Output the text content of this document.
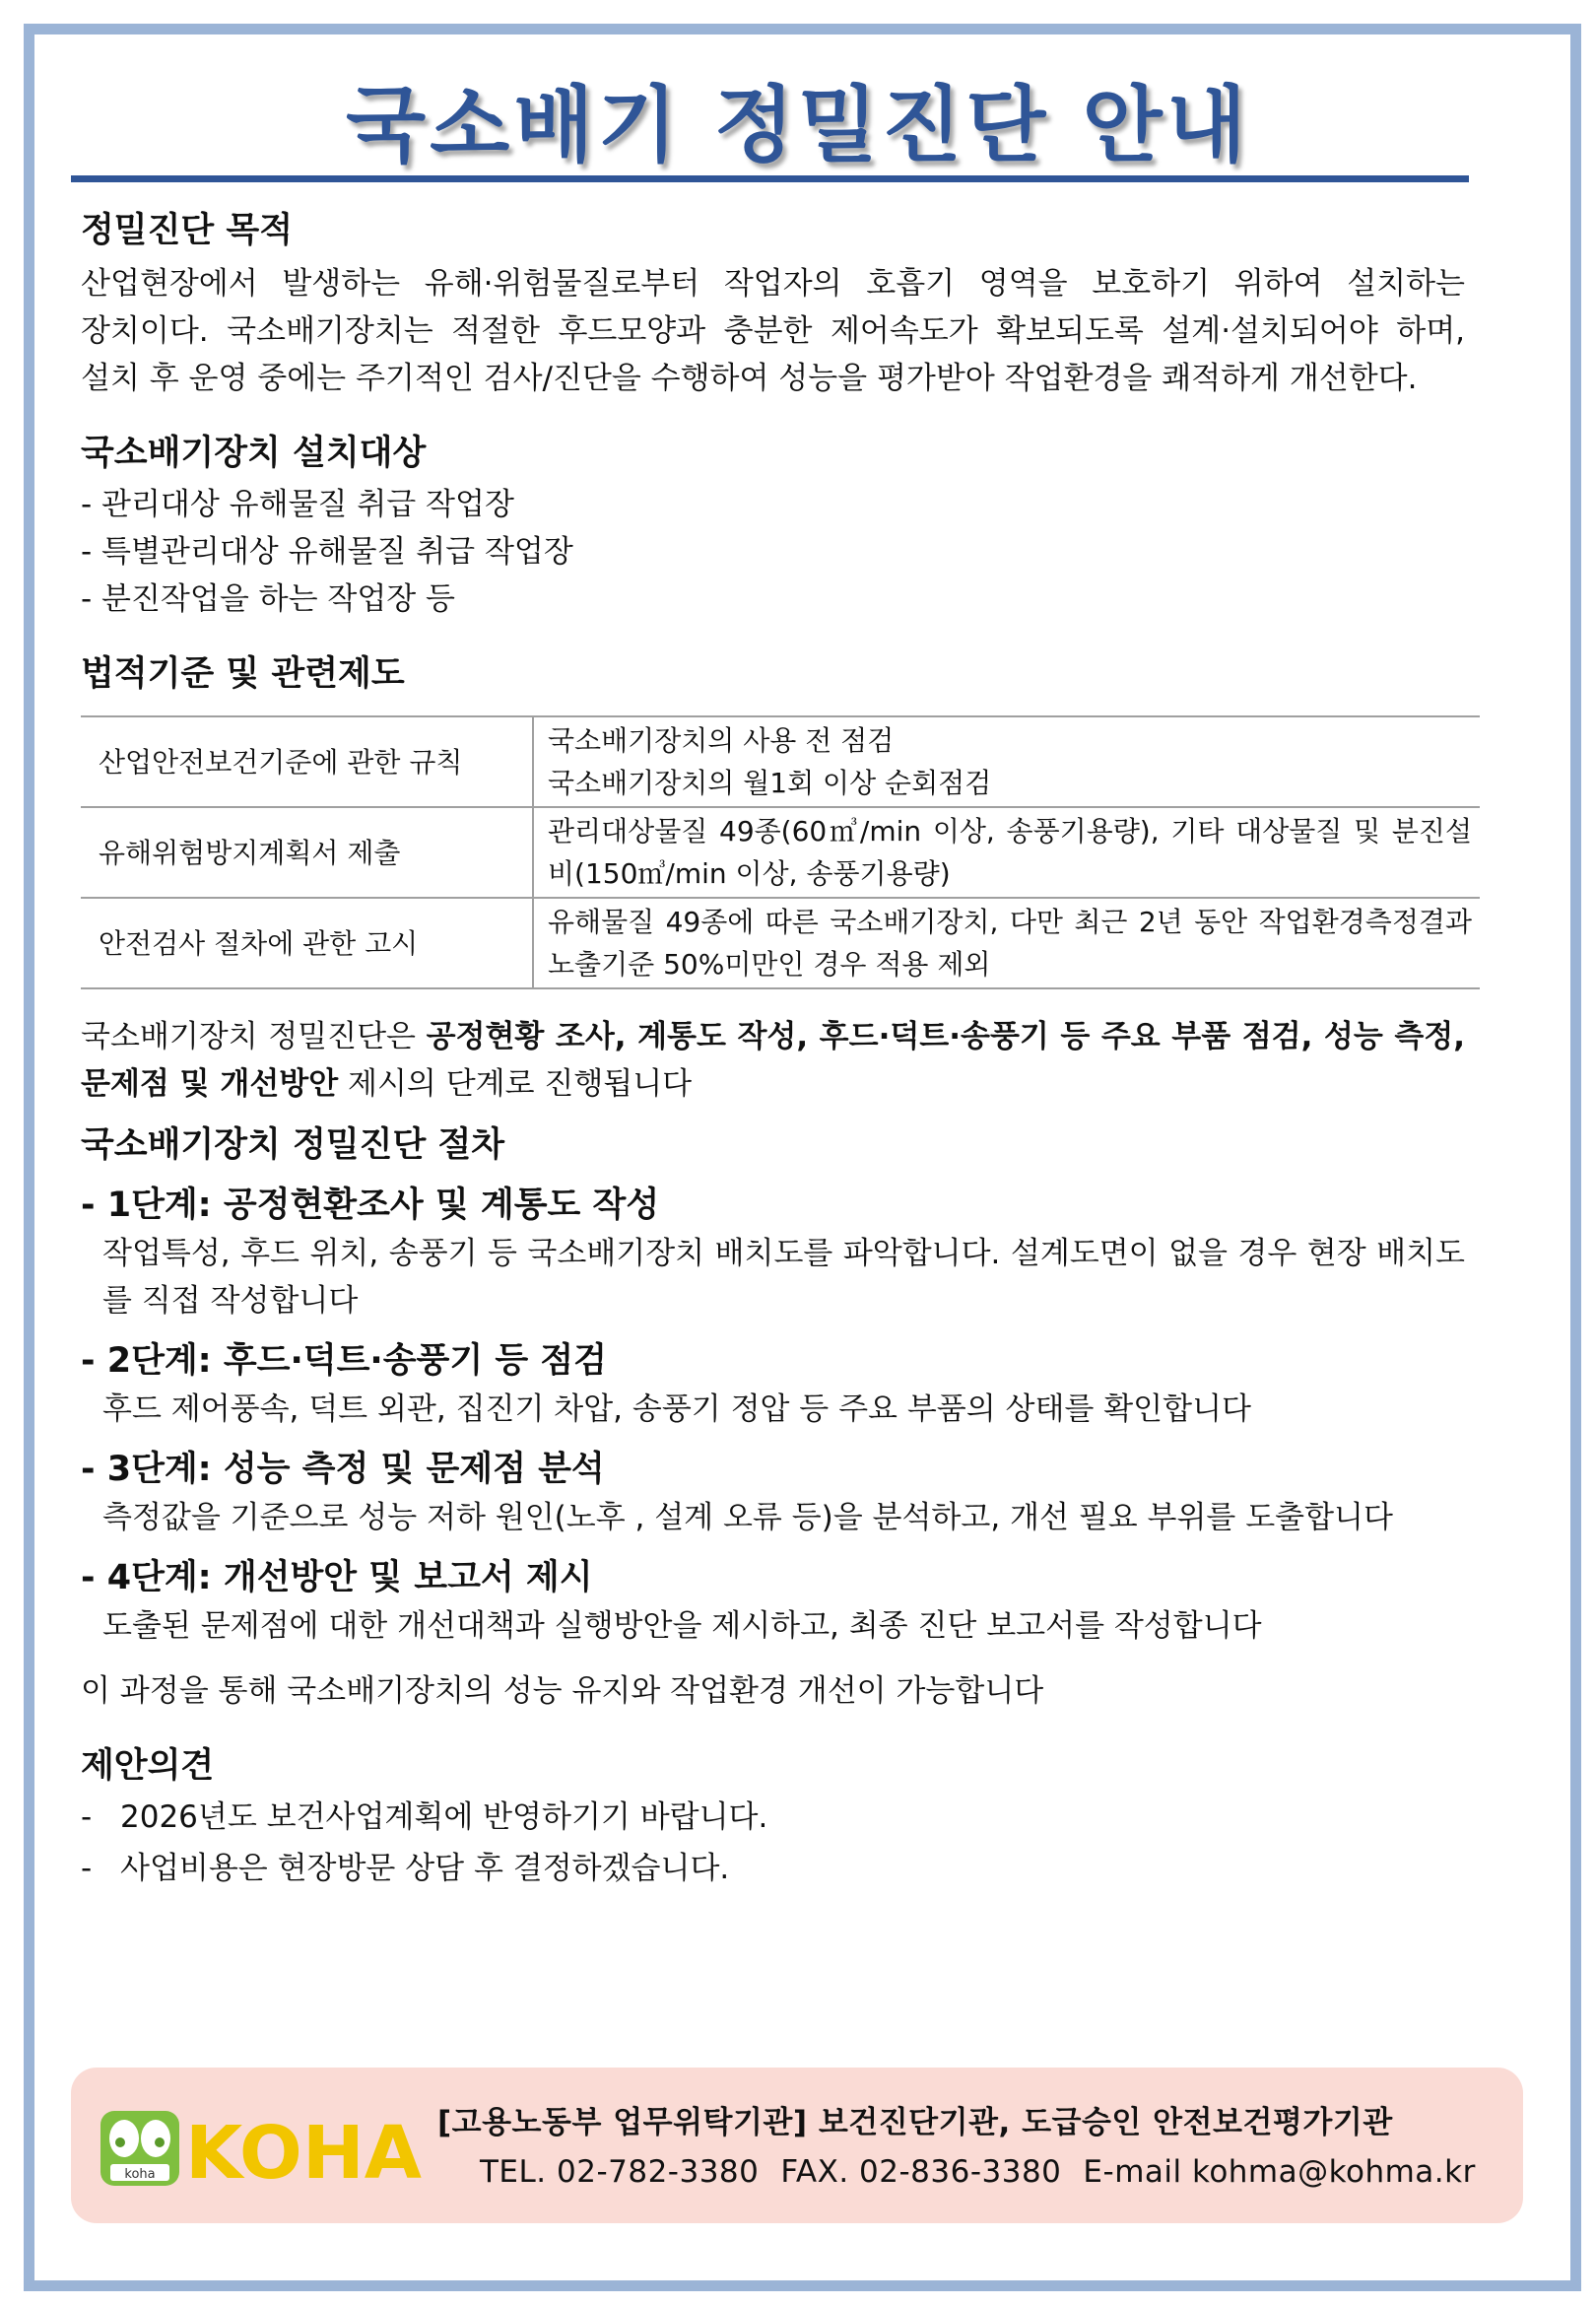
국소배기 정밀진단 안내
정밀진단 목적

산업현장에서 발생하는 유해·위험물질로부터 작업자의 호흡기 영역을 보호하기 위하여 설치하는 장치이다. 국소배기장치는 적절한 후드모양과 충분한 제어속도가 확보되도록 설계·설치되어야 하며, 설치 후 운영 중에는 주기적인 검사/진단을 수행하여 성능을 평가받아 작업환경을 쾌적하게 개선한다.

국소배기장치 설치대상
- 관리대상 유해물질 취급 작업장
- 특별관리대상 유해물질 취급 작업장
- 분진작업을 하는 작업장 등
법적기준 및 관련제도
산업안전보건기준에 관한 규칙	국소배기장치의 사용 전 점검
국소배기장치의 월1회 이상 순회점검

유해위험방지계획서 제출	관리대상물질 49종(60㎥/min 이상, 송풍기용량), 기타 대상물질 및 분진설비(150㎥/min 이상, 송풍기용량)
안전검사 절차에 관한 고시	유해물질 49종에 따른 국소배기장치, 다만 최근 2년 동안 작업환경측정결과 노출기준 50%미만인 경우 적용 제외
국소배기장치 정밀진단은 공정현황 조사, 계통도 작성, 후드·덕트·송풍기 등 주요 부품 점검, 성능 측정, 문제점 및 개선방안 제시의 단계로 진행됩니다
국소배기장치 정밀진단 절차
- 1단계: 공정현환조사 및 계통도 작성
작업특성, 후드 위치, 송풍기 등 국소배기장치 배치도를 파악합니다. 설계도면이 없을 경우 현장 배치도를 직접 작성합니다
- 2단계: 후드·덕트·송풍기 등 점검
후드 제어풍속, 덕트 외관, 집진기 차압, 송풍기 정압 등 주요 부품의 상태를 확인합니다
- 3단계: 성능 측정 및 문제점 분석
측정값을 기준으로 성능 저하 원인(노후 , 설계 오류 등)을 분석하고, 개선 필요 부위를 도출합니다
- 4단계: 개선방안 및 보고서 제시
도출된 문제점에 대한 개선대책과 실행방안을 제시하고, 최종 진단 보고서를 작성합니다
이 과정을 통해 국소배기장치의 성능 유지와 작업환경 개선이 가능합니다
제안의견
- 2026년도 보건사업계획에 반영하기기 바랍니다.
- 사업비용은 현장방문 상담 후 결정하겠습니다.
koha KOHA [고용노동부 업무위탁기관] 보건진단기관, 도급승인 안전보건평가기관
TEL. 02-782-3380 FAX. 02-836-3380 E-mail kohma@kohma.kr
